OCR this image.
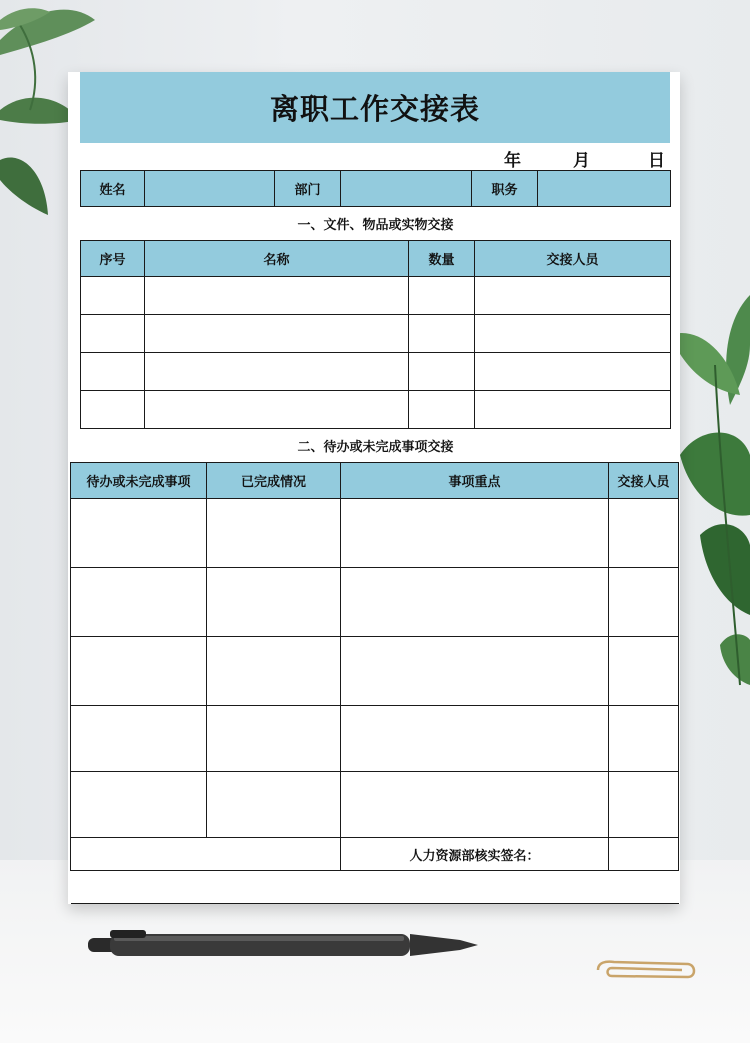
离职工作交接表
年	月	日
姓名		部门		职务	
一、文件、物品或实物交接
序号	名称	数量	交接人员

二、待办或未完成事项交接			
待办或未完成事项	已完成情况	事项重点	交接人员

		人力资源部核实签名：	
